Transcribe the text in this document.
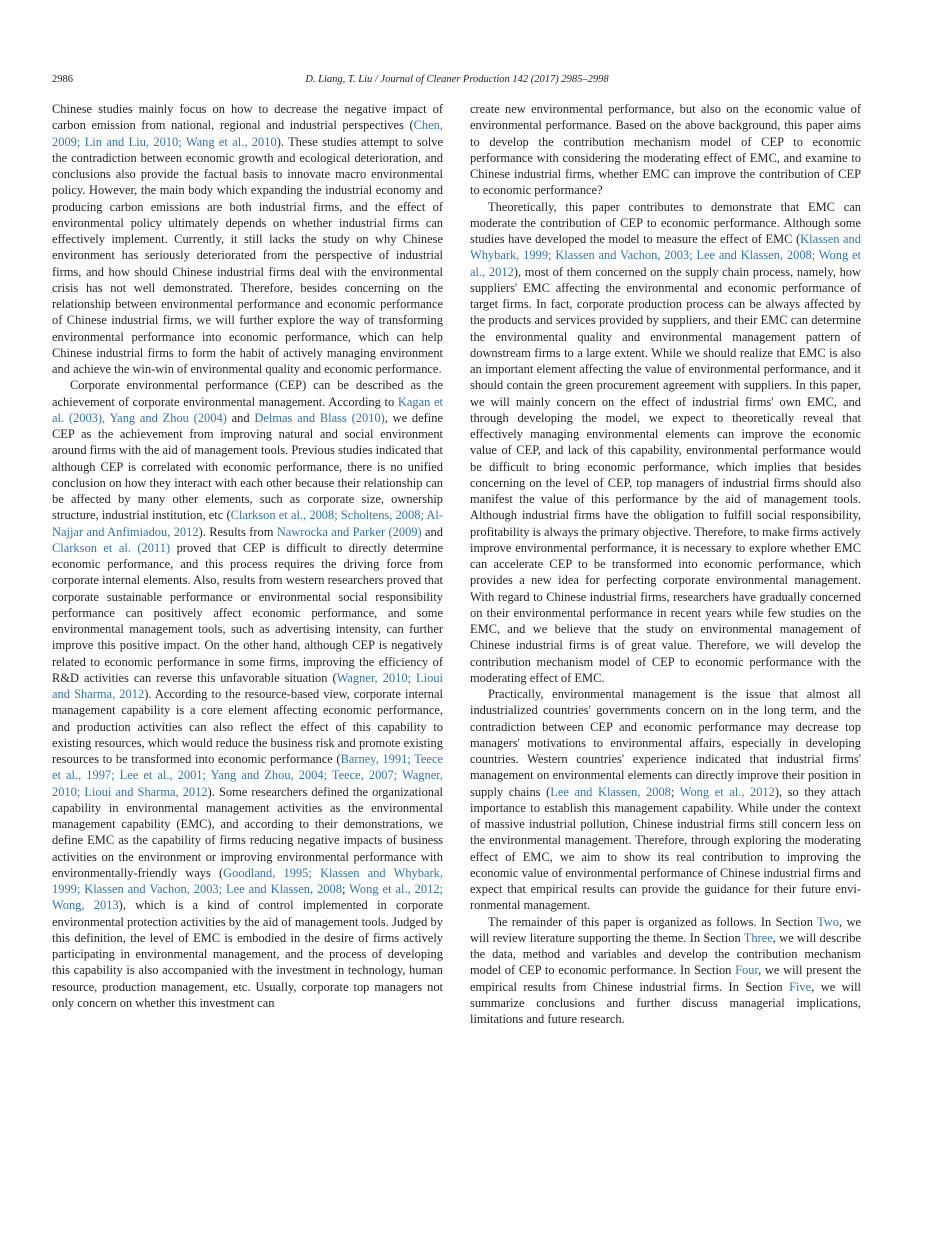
2986	D. Liang, T. Liu / Journal of Cleaner Production 142 (2017) 2985–2998

Chinese studies mainly focus on how to decrease the negative impact of carbon emission from national, regional and industrial perspectives (Chen, 2009; Lin and Liu, 2010; Wang et al., 2010). These studies attempt to solve the contradiction between economic growth and ecological deterioration, and conclusions also provide the factual basis to innovate macro environmental policy. However, the main body which expanding the industrial economy and producing carbon emissions are both industrial firms, and the effect of environmental policy ultimately depends on whether industrial firms can effectively implement. Currently, it still lacks the study on why Chinese environment has seriously deteriorated from the perspective of industrial firms, and how should Chinese industrial firms deal with the environmental crisis has not well demonstrated. Therefore, besides concerning on the relationship between environmental performance and economic performance of Chinese industrial firms, we will further explore the way of transforming environmental performance into economic performance, which can help Chinese industrial firms to form the habit of actively managing environment and achieve the win-win of environmental quality and economic performance.

Corporate environmental performance (CEP) can be described as the achievement of corporate environmental management. According to Kagan et al. (2003), Yang and Zhou (2004) and Delmas and Blass (2010), we define CEP as the achievement from improving natural and social environment around firms with the aid of management tools. Previous studies indicated that although CEP is correlated with economic performance, there is no unified conclusion on how they interact with each other because their relationship can be affected by many other elements, such as corporate size, ownership structure, industrial institution, etc (Clarkson et al., 2008; Scholtens, 2008; Al-Najjar and Anfimiadou, 2012). Results from Nawrocka and Parker (2009) and Clarkson et al. (2011) proved that CEP is difficult to directly determine economic performance, and this process requires the driving force from corporate internal elements. Also, results from western researchers proved that corporate sustainable performance or environmental social responsibility performance can positively affect economic performance, and some environmental management tools, such as advertising intensity, can further improve this positive impact. On the other hand, although CEP is negatively related to economic performance in some firms, improving the efficiency of R&D activities can reverse this unfavorable situation (Wagner, 2010; Lioui and Sharma, 2012). According to the resource-based view, corporate internal management capability is a core element affecting economic performance, and production activities can also reflect the effect of this capability to existing resources, which would reduce the business risk and promote existing resources to be transformed into economic performance (Barney, 1991; Teece et al., 1997; Lee et al., 2001; Yang and Zhou, 2004; Teece, 2007; Wagner, 2010; Lioui and Sharma, 2012). Some researchers defined the organizational capability in environmental management activities as the environmental management capability (EMC), and according to their demonstrations, we define EMC as the capability of firms reducing negative impacts of business activities on the environment or improving environmental performance with environmentally-friendly ways (Goodland, 1995; Klassen and Whybark, 1999; Klassen and Vachon, 2003; Lee and Klassen, 2008; Wong et al., 2012; Wong, 2013), which is a kind of control implemented in corporate environmental protection activities by the aid of management tools. Judged by this definition, the level of EMC is embodied in the desire of firms actively participating in environmental management, and the process of developing this capability is also accompanied with the investment in technology, human resource, production management, etc. Usually, corporate top managers not only concern on whether this investment can

create new environmental performance, but also on the economic value of environmental performance. Based on the above background, this paper aims to develop the contribution mechanism model of CEP to economic performance with considering the moderating effect of EMC, and examine to Chinese industrial firms, whether EMC can improve the contribution of CEP to economic performance?

Theoretically, this paper contributes to demonstrate that EMC can moderate the contribution of CEP to economic performance. Although some studies have developed the model to measure the effect of EMC (Klassen and Whybark, 1999; Klassen and Vachon, 2003; Lee and Klassen, 2008; Wong et al., 2012), most of them concerned on the supply chain process, namely, how suppliers' EMC affecting the environmental and economic performance of target firms. In fact, corporate production process can be always affected by the products and services provided by suppliers, and their EMC can determine the environmental quality and environmental management pattern of downstream firms to a large extent. While we should realize that EMC is also an important element affecting the value of environmental performance, and it should contain the green procurement agreement with suppliers. In this paper, we will mainly concern on the effect of industrial firms' own EMC, and through developing the model, we expect to theoretically reveal that effectively managing environmental elements can improve the economic value of CEP, and lack of this capability, environmental performance would be difficult to bring economic performance, which implies that besides concerning on the level of CEP, top managers of industrial firms should also manifest the value of this performance by the aid of management tools. Although industrial firms have the obligation to fulfill social responsibility, profitability is always the primary objective. Therefore, to make firms actively improve environmental performance, it is necessary to explore whether EMC can accelerate CEP to be transformed into economic performance, which provides a new idea for perfecting corporate environmental management. With regard to Chinese industrial firms, researchers have gradually concerned on their environmental performance in recent years while few studies on the EMC, and we believe that the study on environmental management of Chinese industrial firms is of great value. Therefore, we will develop the contribution mechanism model of CEP to economic performance with the moderating effect of EMC.

Practically, environmental management is the issue that almost all industrialized countries' governments concern on in the long term, and the contradiction between CEP and economic performance may decrease top managers' motivations to environmental affairs, especially in developing countries. Western countries' experience indicated that industrial firms' management on environmental elements can directly improve their position in supply chains (Lee and Klassen, 2008; Wong et al., 2012), so they attach importance to establish this management capability. While under the context of massive industrial pollution, Chinese industrial firms still concern less on the environmental management. Therefore, through exploring the moderating effect of EMC, we aim to show its real contribution to improving the economic value of environmental performance of Chinese industrial firms and expect that empirical results can provide the guidance for their future environmental management.

The remainder of this paper is organized as follows. In Section Two, we will review literature supporting the theme. In Section Three, we will describe the data, method and variables and develop the contribution mechanism model of CEP to economic performance. In Section Four, we will present the empirical results from Chinese industrial firms. In Section Five, we will summarize conclusions and further discuss managerial implications, limitations and future research.
